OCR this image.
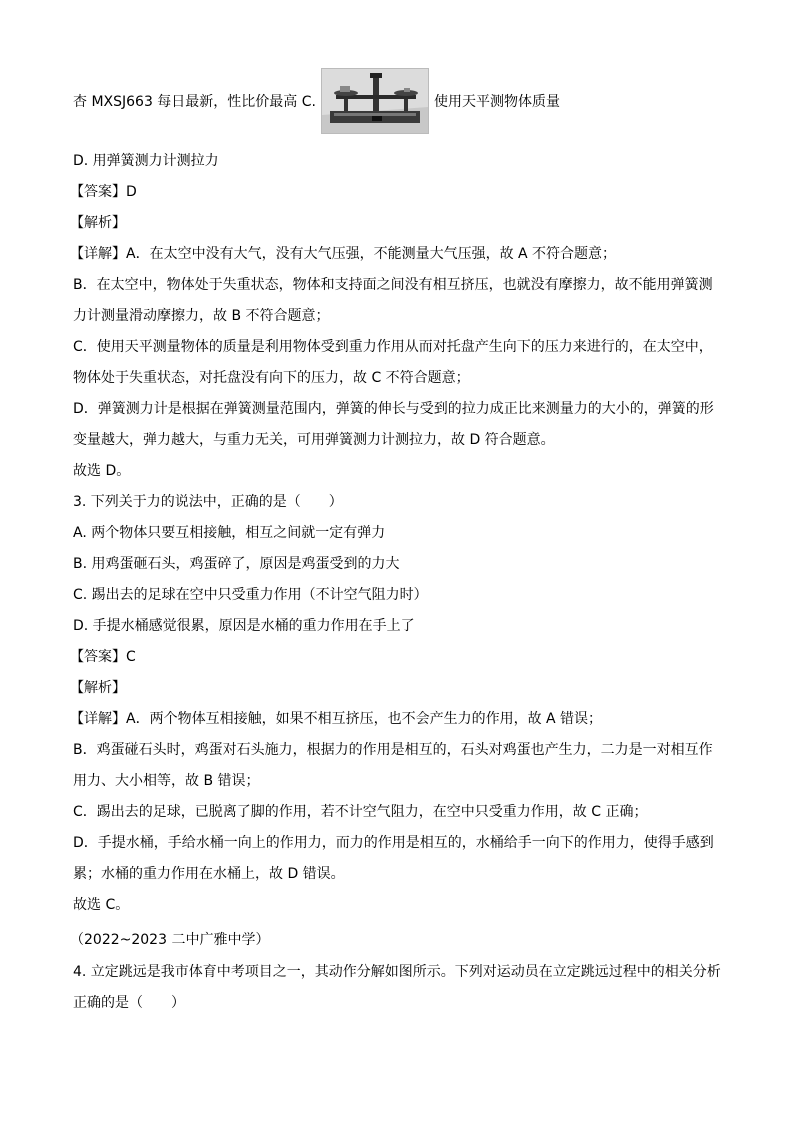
杏 MXSJ663 每日最新，性比价最高 C.	使用天平测物体质量
D. 用弹簧测力计测拉力
【答案】D
【解析】
【详解】A．在太空中没有大气，没有大气压强，不能测量大气压强，故 A 不符合题意；
B．在太空中，物体处于失重状态，物体和支持面之间没有相互挤压，也就没有摩擦力，故不能用弹簧测
力计测量滑动摩擦力，故 B 不符合题意；
C．使用天平测量物体的质量是利用物体受到重力作用从而对托盘产生向下的压力来进行的，在太空中，
物体处于失重状态，对托盘没有向下的压力，故 C 不符合题意；
D．弹簧测力计是根据在弹簧测量范围内，弹簧的伸长与受到的拉力成正比来测量力的大小的，弹簧的形
变量越大，弹力越大，与重力无关，可用弹簧测力计测拉力，故 D 符合题意。
故选 D。
3. 下列关于力的说法中，正确的是（　　）
A. 两个物体只要互相接触，相互之间就一定有弹力
B. 用鸡蛋砸石头，鸡蛋碎了，原因是鸡蛋受到的力大
C. 踢出去的足球在空中只受重力作用（不计空气阻力时）
D. 手提水桶感觉很累，原因是水桶的重力作用在手上了
【答案】C
【解析】
【详解】A．两个物体互相接触，如果不相互挤压，也不会产生力的作用，故 A 错误；
B．鸡蛋碰石头时，鸡蛋对石头施力，根据力的作用是相互的，石头对鸡蛋也产生力，二力是一对相互作
用力、大小相等，故 B 错误；
C．踢出去的足球，已脱离了脚的作用，若不计空气阻力，在空中只受重力作用，故 C 正确；
D．手提水桶，手给水桶一向上的作用力，而力的作用是相互的，水桶给手一向下的作用力，使得手感到
累；水桶的重力作用在水桶上，故 D 错误。
故选 C。
（2022~2023 二中广雅中学）
4. 立定跳远是我市体育中考项目之一，其动作分解如图所示。下列对运动员在立定跳远过程中的相关分析
正确的是（　　）
